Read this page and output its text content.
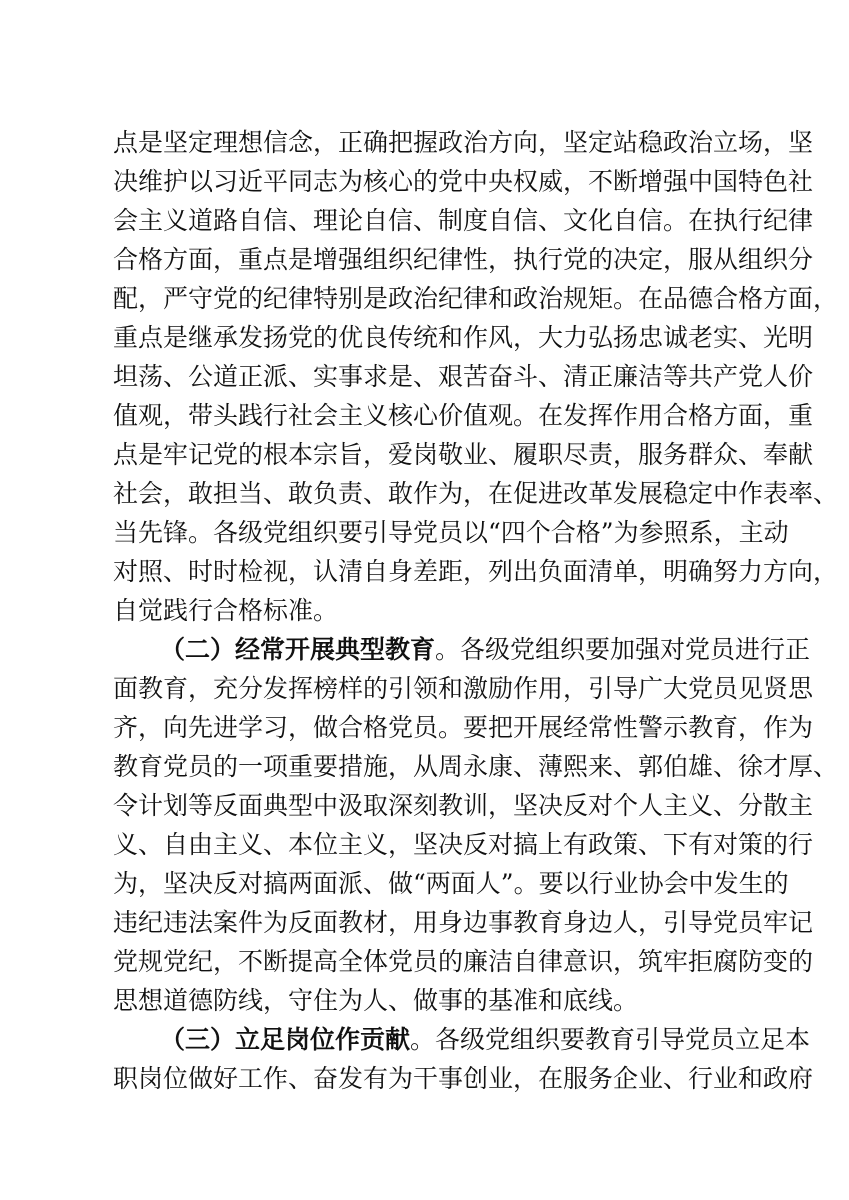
点是坚定理想信念，正确把握政治方向，坚定站稳政治立场，坚
决维护以习近平同志为核心的党中央权威，不断增强中国特色社
会主义道路自信、理论自信、制度自信、文化自信。在执行纪律
合格方面，重点是增强组织纪律性，执行党的决定，服从组织分
配，严守党的纪律特别是政治纪律和政治规矩。在品德合格方面，
重点是继承发扬党的优良传统和作风，大力弘扬忠诚老实、光明
坦荡、公道正派、实事求是、艰苦奋斗、清正廉洁等共产党人价
值观，带头践行社会主义核心价值观。在发挥作用合格方面，重
点是牢记党的根本宗旨，爱岗敬业、履职尽责，服务群众、奉献
社会，敢担当、敢负责、敢作为，在促进改革发展稳定中作表率、
当先锋。各级党组织要引导党员以“四个合格”为参照系，主动
对照、时时检视，认清自身差距，列出负面清单，明确努力方向，
自觉践行合格标准。
（二）经常开展典型教育。各级党组织要加强对党员进行正
面教育，充分发挥榜样的引领和激励作用，引导广大党员见贤思
齐，向先进学习，做合格党员。要把开展经常性警示教育，作为
教育党员的一项重要措施，从周永康、薄熙来、郭伯雄、徐才厚、
令计划等反面典型中汲取深刻教训，坚决反对个人主义、分散主
义、自由主义、本位主义，坚决反对搞上有政策、下有对策的行
为，坚决反对搞两面派、做“两面人”。要以行业协会中发生的
违纪违法案件为反面教材，用身边事教育身边人，引导党员牢记
党规党纪，不断提高全体党员的廉洁自律意识，筑牢拒腐防变的
思想道德防线，守住为人、做事的基准和底线。
（三）立足岗位作贡献。各级党组织要教育引导党员立足本
职岗位做好工作、奋发有为干事创业，在服务企业、行业和政府
